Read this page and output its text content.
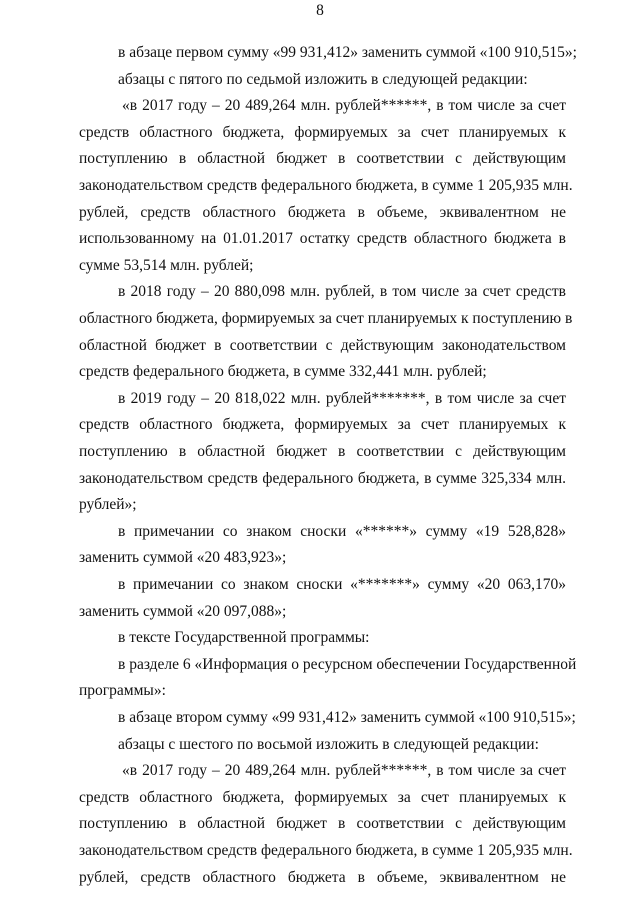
8
в абзаце первом сумму «99 931,412» заменить суммой «100 910,515»;
абзацы с пятого по седьмой изложить в следующей редакции:
«в 2017 году – 20 489,264 млн. рублей******, в том числе за счет
средств областного бюджета, формируемых за счет планируемых к
поступлению в областной бюджет в соответствии с действующим
законодательством средств федерального бюджета, в сумме 1 205,935 млн.
рублей, средств областного бюджета в объеме, эквивалентном не
использованному на 01.01.2017 остатку средств областного бюджета в
сумме 53,514 млн. рублей;
в 2018 году – 20 880,098 млн. рублей, в том числе за счет средств
областного бюджета, формируемых за счет планируемых к поступлению в
областной бюджет в соответствии с действующим законодательством
средств федерального бюджета, в сумме 332,441 млн. рублей;
в 2019 году – 20 818,022 млн. рублей*******, в том числе за счет
средств областного бюджета, формируемых за счет планируемых к
поступлению в областной бюджет в соответствии с действующим
законодательством средств федерального бюджета, в сумме 325,334 млн.
рублей»;
в примечании со знаком сноски «******» сумму «19 528,828»
заменить суммой «20 483,923»;
в примечании со знаком сноски «*******» сумму «20 063,170»
заменить суммой «20 097,088»;
в тексте Государственной программы:
в разделе 6 «Информация о ресурсном обеспечении Государственной
программы»:
в абзаце втором сумму «99 931,412» заменить суммой «100 910,515»;
абзацы с шестого по восьмой изложить в следующей редакции:
«в 2017 году – 20 489,264 млн. рублей******, в том числе за счет
средств областного бюджета, формируемых за счет планируемых к
поступлению в областной бюджет в соответствии с действующим
законодательством средств федерального бюджета, в сумме 1 205,935 млн.
рублей, средств областного бюджета в объеме, эквивалентном не
